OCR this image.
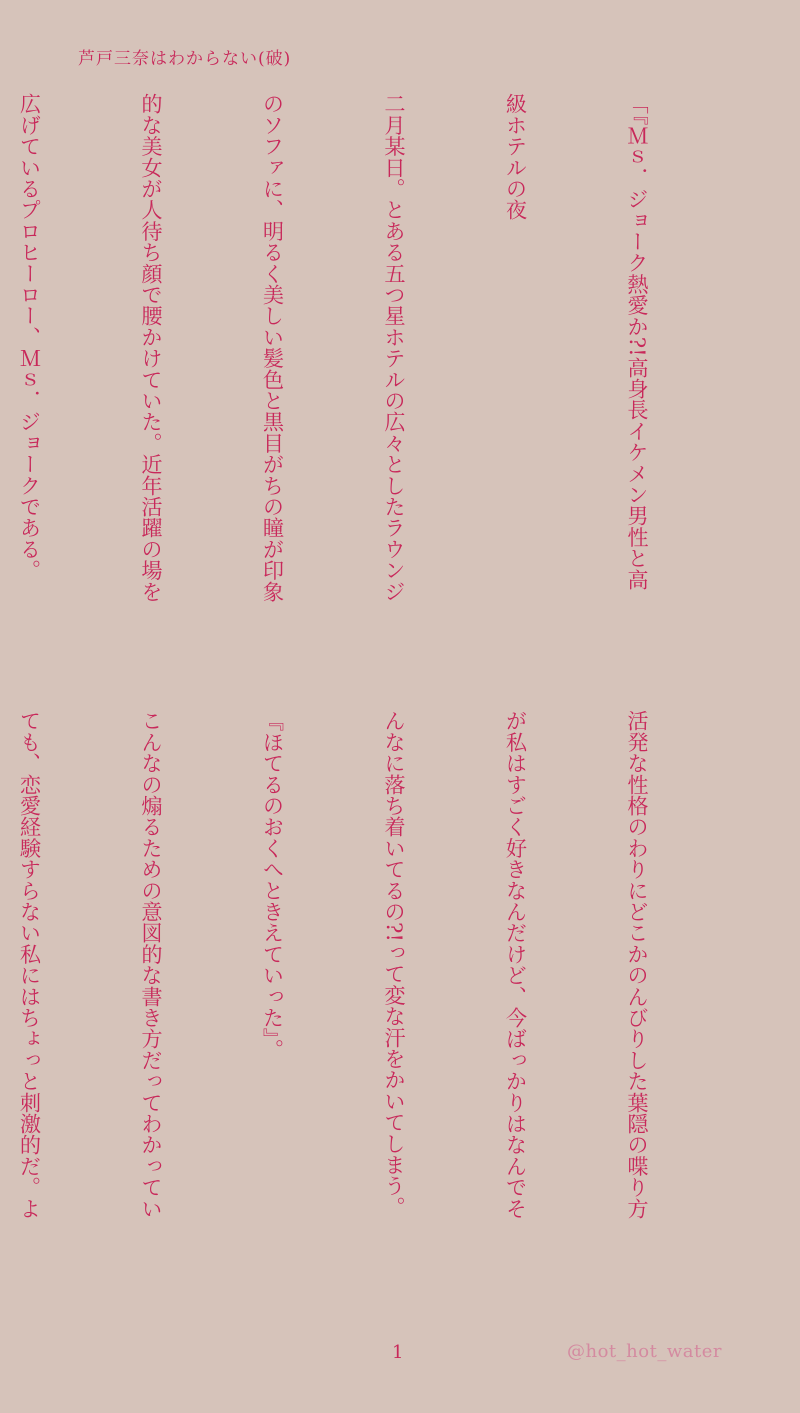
芦戸三奈はわからない(破)

「『Ｍｓ．ジョーク熱愛か?!高身長イケメン男性と高

級ホテルの夜

二月某日。とある五つ星ホテルの広々としたラウンジ

のソファに、明るく美しい髪色と黒目がちの瞳が印象

的な美女が人待ち顔で腰かけていた。近年活躍の場を

広げているプロヒーロー、Ｍｓ．ジョークである。

活発な性格のわりにどこかのんびりした葉隠の喋り方

が私はすごく好きなんだけど、今ばっかりはなんでそ

んなに落ち着いてるの?!って変な汗をかいてしまう。

『ほてるのおくへときえていった』。

こんなの煽るための意図的な書き方だってわかってい

ても、恋愛経験すらない私にはちょっと刺激的だ。よ

1	@hot_hot_water
